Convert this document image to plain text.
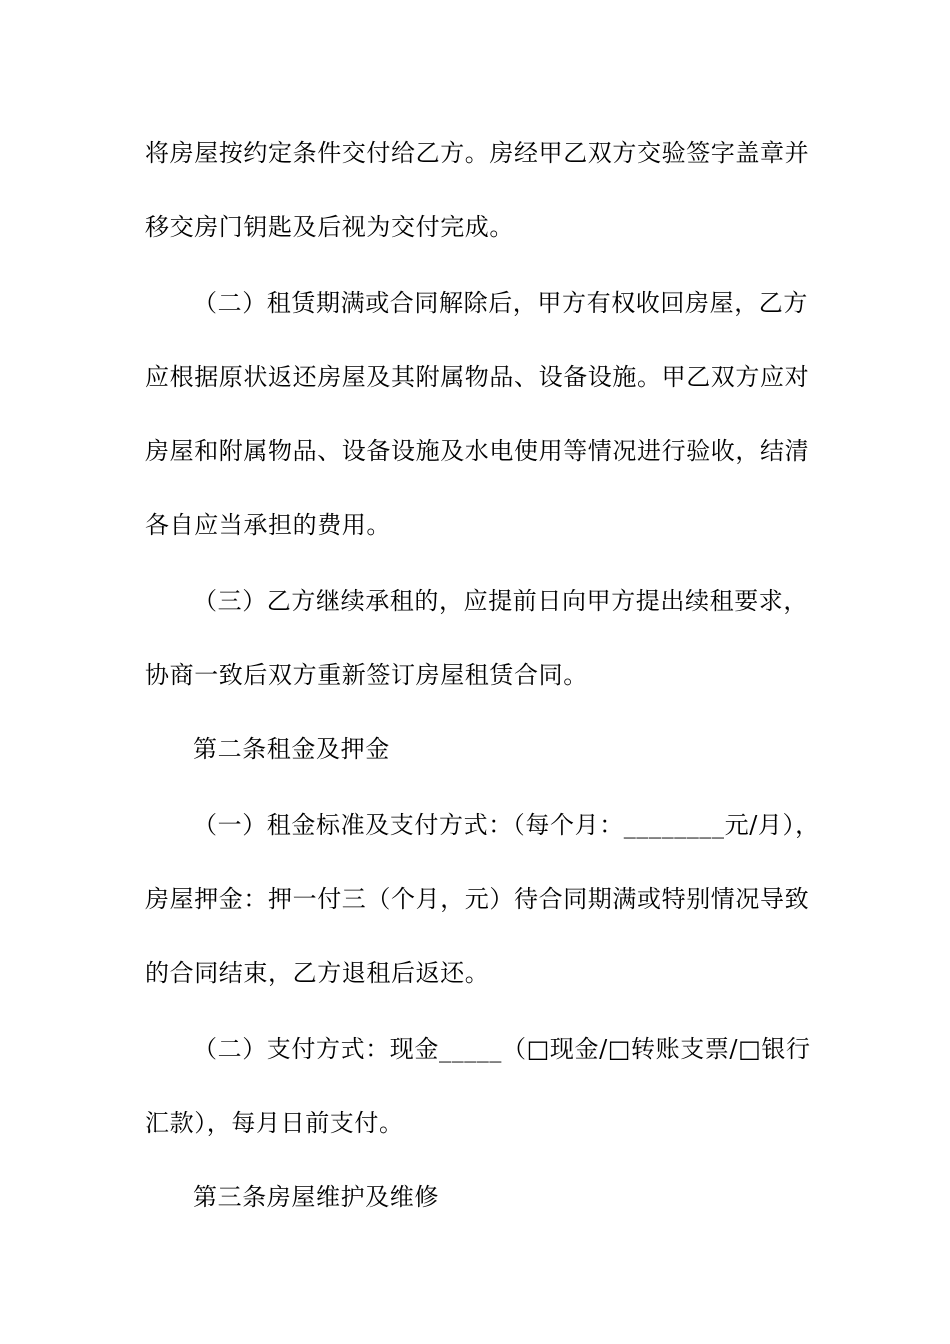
将房屋按约定条件交付给乙方。房经甲乙双方交验签字盖章并
移交房门钥匙及后视为交付完成。
（二）租赁期满或合同解除后，甲方有权收回房屋，乙方
应根据原状返还房屋及其附属物品、设备设施。甲乙双方应对
房屋和附属物品、设备设施及水电使用等情况进行验收，结清
各自应当承担的费用。
（三）乙方继续承租的，应提前日向甲方提出续租要求，
协商一致后双方重新签订房屋租赁合同。
第二条租金及押金
（一）租金标准及支付方式：（每个月：________元/月），
房屋押金：押一付三（个月，元）待合同期满或特别情况导致
的合同结束，乙方退租后返还。
（二）支付方式：现金_____（□现金/□转账支票/□银行
汇款），每月日前支付。
第三条房屋维护及维修
